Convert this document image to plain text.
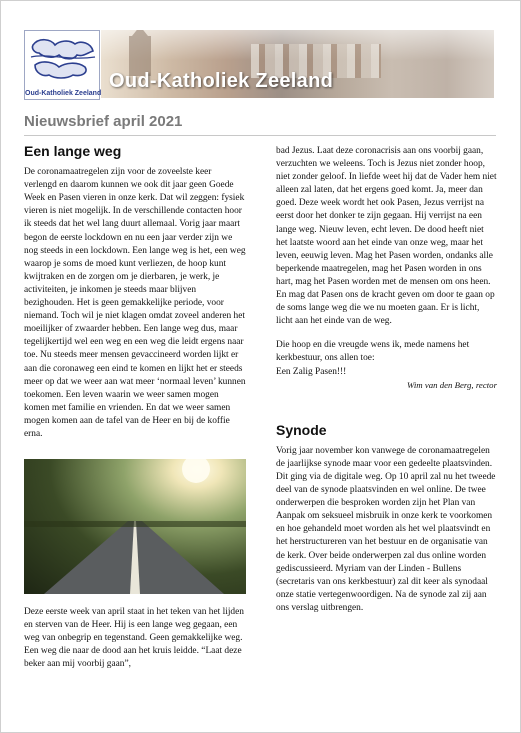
Oud-Katholiek Zeeland
Oud-Katholiek Zeeland
Nieuwsbrief april 2021
Een lange weg

De coronamaatregelen zijn voor de zoveelste keer verlengd en daarom kunnen we ook dit jaar geen Goede Week en Pasen vieren in onze kerk. Dat wil zeggen: fysiek vieren is niet mogelijk. In de verschillende contacten hoor ik steeds dat het wel lang duurt allemaal. Vorig jaar maart begon de eerste lockdown en nu een jaar verder zijn we nog steeds in een lockdown. Een lange weg is het, een weg waarop je soms de moed kunt verliezen, de hoop kunt kwijtraken en de zorgen om je dierbaren, je werk, je activiteiten, je inkomen je steeds maar blijven bezighouden. Het is geen gemakkelijke periode, voor niemand. Toch wil je niet klagen omdat zoveel anderen het moeilijker of zwaarder hebben. Een lange weg dus, maar tegelijkertijd wel een weg en een weg die leidt ergens naar toe. Nu steeds meer mensen gevaccineerd worden lijkt er aan die coronaweg een eind te komen en lijkt het er steeds meer op dat we weer aan wat meer ‘normaal leven’ kunnen toekomen. Een leven waarin we weer samen mogen komen met familie en vrienden. En dat we weer samen mogen komen aan de tafel van de Heer en bij de koffie erna.

Deze eerste week van april staat in het teken van het lijden en sterven van de Heer. Hij is een lange weg gegaan, een weg van onbegrip en tegenstand. Geen gemakkelijke weg. Een weg die naar de dood aan het kruis leidde. “Laat deze beker aan mij voorbij gaan”,

bad Jezus. Laat deze coronacrisis aan ons voorbij gaan, verzuchten we weleens. Toch is Jezus niet zonder hoop, niet zonder geloof. In liefde weet hij dat de Vader hem niet alleen zal laten, dat het ergens goed komt. Ja, meer dan goed. Deze week wordt het ook Pasen, Jezus verrijst na eerst door het donker te zijn gegaan. Hij verrijst na een lange weg. Nieuw leven, echt leven. De dood heeft niet het laatste woord aan het einde van onze weg, maar het leven, eeuwig leven. Mag het Pasen worden, ondanks alle beperkende maatregelen, mag het Pasen worden in ons hart, mag het Pasen worden met de mensen om ons heen. En mag dat Pasen ons de kracht geven om door te gaan op de soms lange weg die we nu moeten gaan. Er is licht, licht aan het einde van de weg.

Die hoop en die vreugde wens ik, mede namens het kerkbestuur, ons allen toe:

Een Zalig Pasen!!!

Wim van den Berg, rector

Synode

Vorig jaar november kon vanwege de coronamaatregelen de jaarlijkse synode maar voor een gedeelte plaatsvinden. Dit ging via de digitale weg. Op 10 april zal nu het tweede deel van de synode plaatsvinden en wel online. De twee onderwerpen die besproken worden zijn het Plan van Aanpak om seksueel misbruik in onze kerk te voorkomen en hoe gehandeld moet worden als het wel plaatsvindt en het herstructureren van het bestuur en de organisatie van de kerk. Over beide onderwerpen zal dus online worden gediscussieerd. Myriam van der Linden - Bullens (secretaris van ons kerkbestuur) zal dit keer als synodaal onze statie vertegenwoordigen. Na de synode zal zij aan ons verslag uitbrengen.
